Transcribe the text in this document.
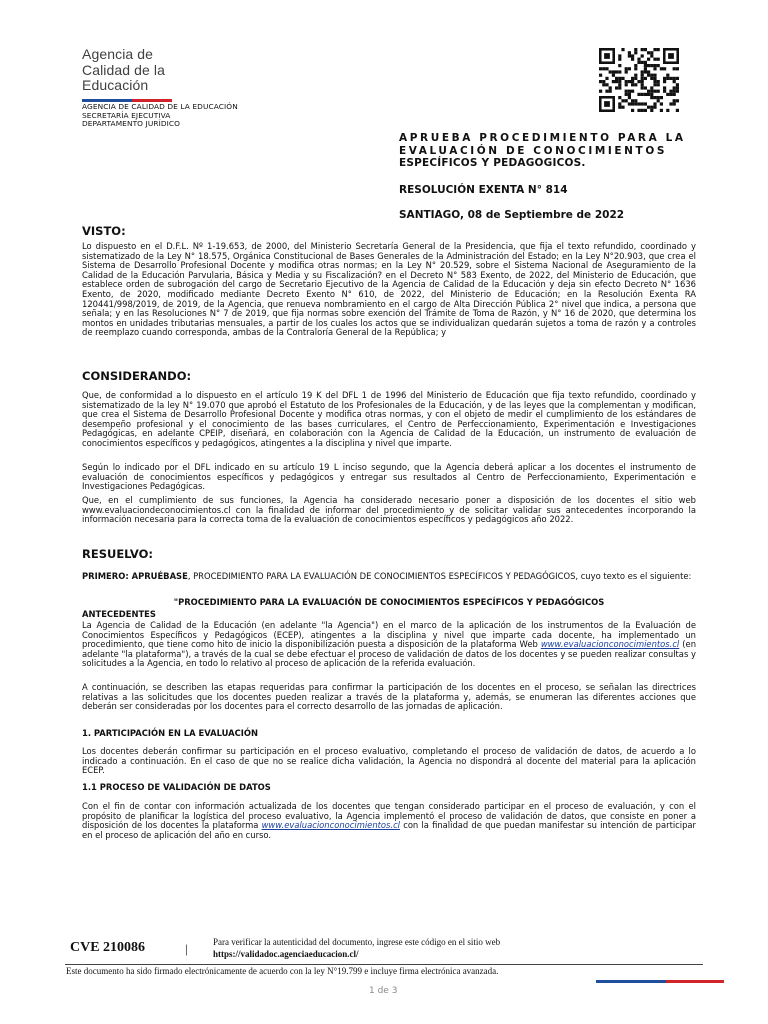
Agencia de
Calidad de la
Educación
AGENCIA DE CALIDAD DE LA EDUCACIÓN
SECRETARÍA EJECUTIVA
DEPARTAMENTO JURÍDICO
APRUEBA PROCEDIMIENTO PARA LA
EVALUACIÓN DE CONOCIMIENTOS
ESPECÍFICOS Y PEDAGOGICOS.
RESOLUCIÓN EXENTA N° 814
SANTIAGO, 08 de Septiembre de 2022
VISTO:
Lo dispuesto en el D.F.L. Nº 1-19.653, de 2000, del Ministerio Secretaría General de la Presidencia, que fija el texto refundido, coordinado y sistematizado de la Ley N° 18.575, Orgánica Constitucional de Bases Generales de la Administración del Estado; en la Ley N°20.903, que crea el Sistema de Desarrollo Profesional Docente y modifica otras normas; en la Ley N° 20.529, sobre el Sistema Nacional de Aseguramiento de la Calidad de la Educación Parvularia, Básica y Media y su Fiscalización? en el Decreto N° 583 Exento, de 2022, del Ministerio de Educación, que establece orden de subrogación del cargo de Secretario Ejecutivo de la Agencia de Calidad de la Educación y deja sin efecto Decreto N° 1636 Exento, de 2020, modificado mediante Decreto Exento N° 610, de 2022, del Ministerio de Educación; en la Resolución Exenta RA 120441/998/2019, de 2019, de la Agencia, que renueva nombramiento en el cargo de Alta Dirección Pública 2° nivel que indica, a persona que señala; y en las Resoluciones N° 7 de 2019, que fija normas sobre exención del Trámite de Toma de Razón, y N° 16 de 2020, que determina los montos en unidades tributarias mensuales, a partir de los cuales los actos que se individualizan quedarán sujetos a toma de razón y a controles de reemplazo cuando corresponda, ambas de la Contraloría General de la República; y
CONSIDERANDO:
Que, de conformidad a lo dispuesto en el artículo 19 K del DFL 1 de 1996 del Ministerio de Educación que fija texto refundido, coordinado y sistematizado de la ley N° 19.070 que aprobó el Estatuto de los Profesionales de la Educación, y de las leyes que la complementan y modifican, que crea el Sistema de Desarrollo Profesional Docente y modifica otras normas, y con el objeto de medir el cumplimiento de los estándares de desempeño profesional y el conocimiento de las bases curriculares, el Centro de Perfeccionamiento, Experimentación e Investigaciones Pedagógicas, en adelante CPEIP, diseñará, en colaboración con la Agencia de Calidad de la Educación, un instrumento de evaluación de conocimientos específicos y pedagógicos, atingentes a la disciplina y nivel que imparte.
Según lo indicado por el DFL indicado en su artículo 19 L inciso segundo, que la Agencia deberá aplicar a los docentes el instrumento de evaluación de conocimientos específicos y pedagógicos y entregar sus resultados al Centro de Perfeccionamiento, Experimentación e Investigaciones Pedagógicas.
Que, en el cumplimiento de sus funciones, la Agencia ha considerado necesario poner a disposición de los docentes el sitio web www.evaluaciondeconocimientos.cl con la finalidad de informar del procedimiento y de solicitar validar sus antecedentes incorporando la información necesaria para la correcta toma de la evaluación de conocimientos específicos y pedagógicos año 2022.
RESUELVO:
PRIMERO: APRUÉBASE, PROCEDIMIENTO PARA LA EVALUACIÓN DE CONOCIMIENTOS ESPECÍFICOS Y PEDAGÓGICOS, cuyo texto es el siguiente:
"PROCEDIMIENTO PARA LA EVALUACIÓN DE CONOCIMIENTOS ESPECÍFICOS Y PEDAGÓGICOS
ANTECEDENTES
La Agencia de Calidad de la Educación (en adelante "la Agencia") en el marco de la aplicación de los instrumentos de la Evaluación de Conocimientos Específicos y Pedagógicos (ECEP), atingentes a la disciplina y nivel que imparte cada docente, ha implementado un procedimiento, que tiene como hito de inicio la disponibilización puesta a disposición de la plataforma Web www.evaluacionconocimientos.cl (en adelante "la plataforma"), a través de la cual se debe efectuar el proceso de validación de datos de los docentes y se pueden realizar consultas y solicitudes a la Agencia, en todo lo relativo al proceso de aplicación de la referida evaluación.
A continuación, se describen las etapas requeridas para confirmar la participación de los docentes en el proceso, se señalan las directrices relativas a las solicitudes que los docentes pueden realizar a través de la plataforma y, además, se enumeran las diferentes acciones que deberán ser consideradas por los docentes para el correcto desarrollo de las jornadas de aplicación.
1. PARTICIPACIÓN EN LA EVALUACIÓN
Los docentes deberán confirmar su participación en el proceso evaluativo, completando el proceso de validación de datos, de acuerdo a lo indicado a continuación. En el caso de que no se realice dicha validación, la Agencia no dispondrá al docente del material para la aplicación ECEP.
1.1 PROCESO DE VALIDACIÓN DE DATOS
Con el fin de contar con información actualizada de los docentes que tengan considerado participar en el proceso de evaluación, y con el propósito de planificar la logística del proceso evaluativo, la Agencia implementó el proceso de validación de datos, que consiste en poner a disposición de los docentes la plataforma www.evaluacionconocimientos.cl con la finalidad de que puedan manifestar su intención de participar en el proceso de aplicación del año en curso.
CVE 210086	|	Para verificar la autenticidad del documento, ingrese este código en el sitio web
https://validadoc.agenciaeducacion.cl/
Este documento ha sido firmado electrónicamente de acuerdo con la ley N°19.799 e incluye firma electrónica avanzada.
1 de 3
